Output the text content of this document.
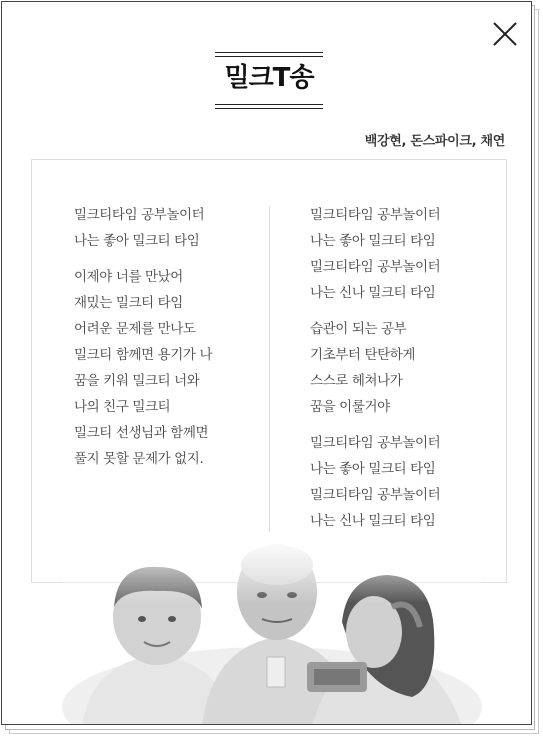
밀크T송
백강현, 돈스파이크, 채연
밀크티타임 공부놀이터
나는 좋아 밀크티 타임
이제야 너를 만났어
재밌는 밀크티 타임
어려운 문제를 만나도
밀크티 함께면 용기가 나
꿈을 키워 밀크티 너와
나의 친구 밀크티
밀크티 선생님과 함께면
풀지 못할 문제가 없지.
밀크티타임 공부놀이터
나는 좋아 밀크티 타임
밀크티타임 공부놀이터
나는 신나 밀크티 타임
습관이 되는 공부
기초부터 탄탄하게
스스로 헤쳐나가
꿈을 이룰거야
밀크티타임 공부놀이터
나는 좋아 밀크티 타임
밀크티타임 공부놀이터
나는 신나 밀크티 타임
